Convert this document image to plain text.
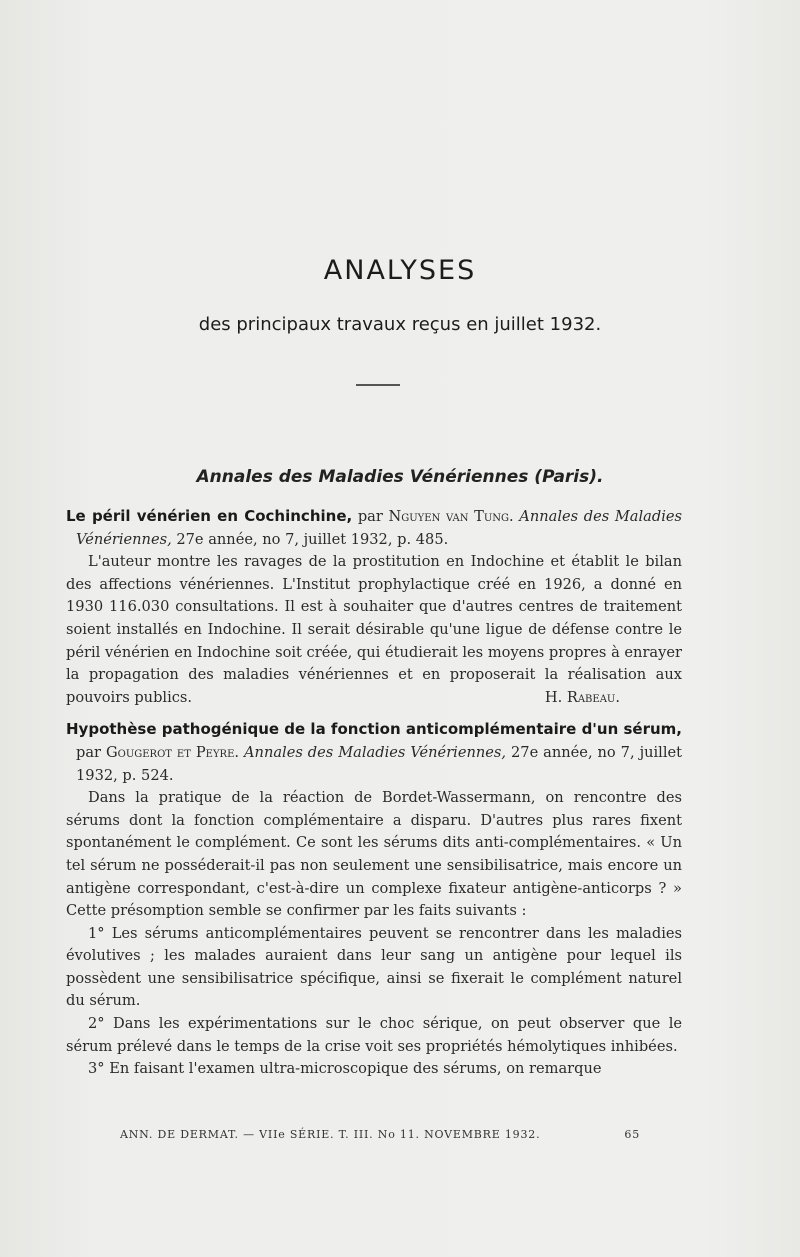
ANALYSES
des principaux travaux reçus en juillet 1932.
Annales des Maladies Vénériennes (Paris).

Le péril vénérien en Cochinchine, par Nguyen van Tung. Annales des Maladies Vénériennes, 27e année, no 7, juillet 1932, p. 485.

L'auteur montre les ravages de la prostitution en Indochine et établit le bilan des affections vénériennes. L'Institut prophylactique créé en 1926, a donné en 1930 116.030 consultations. Il est à souhaiter que d'autres centres de traitement soient installés en Indochine. Il serait désirable qu'une ligue de défense contre le péril vénérien en Indochine soit créée, qui étudierait les moyens propres à enrayer la propagation des maladies vénériennes et en proposerait la réalisation aux pouvoirs publics.	H. Rabeau.

Hypothèse pathogénique de la fonction anticomplémentaire d'un sérum, par Gougerot et Peyre. Annales des Maladies Vénériennes, 27e année, no 7, juillet 1932, p. 524.

Dans la pratique de la réaction de Bordet-Wassermann, on rencontre des sérums dont la fonction complémentaire a disparu. D'autres plus rares fixent spontanément le complément. Ce sont les sérums dits anti-complémentaires. « Un tel sérum ne posséderait-il pas non seulement une sensibilisatrice, mais encore un antigène correspondant, c'est-à-dire un complexe fixateur antigène-anticorps ? » Cette présomption semble se confirmer par les faits suivants :

1° Les sérums anticomplémentaires peuvent se rencontrer dans les maladies évolutives ; les malades auraient dans leur sang un antigène pour lequel ils possèdent une sensibilisatrice spécifique, ainsi se fixerait le complément naturel du sérum.

2° Dans les expérimentations sur le choc sérique, on peut observer que le sérum prélevé dans le temps de la crise voit ses propriétés hémolytiques inhibées.

3° En faisant l'examen ultra-microscopique des sérums, on remarque

ANN. DE DERMAT. — VIIe SÉRIE. T. III. No 11. NOVEMBRE 1932.	65
